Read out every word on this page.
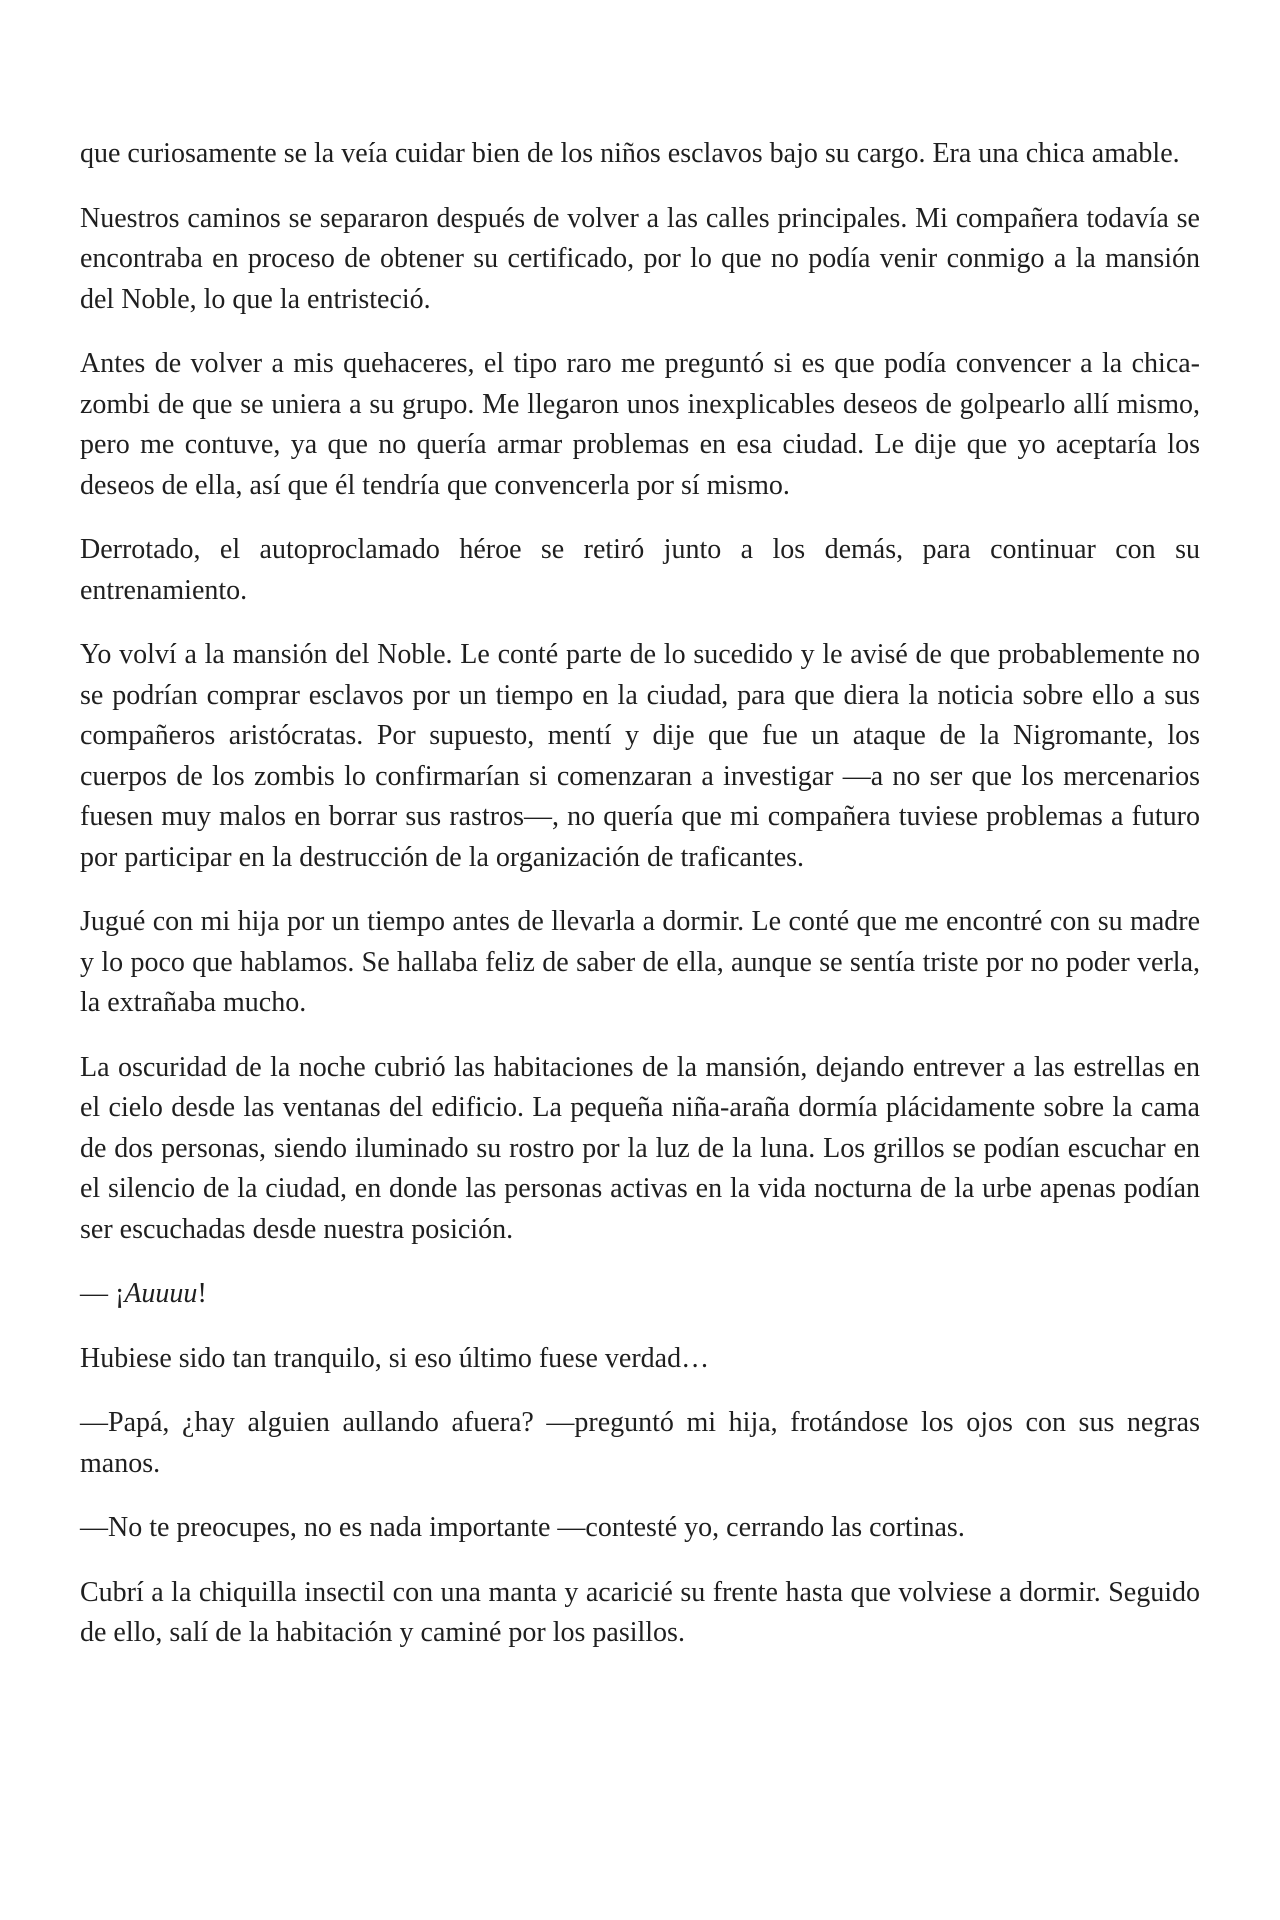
que curiosamente se la veía cuidar bien de los niños esclavos bajo su cargo. Era una chica amable.

Nuestros caminos se separaron después de volver a las calles principales. Mi compañera todavía se encontraba en proceso de obtener su certificado, por lo que no podía venir conmigo a la mansión del Noble, lo que la entristeció.

Antes de volver a mis quehaceres, el tipo raro me preguntó si es que podía convencer a la chica-zombi de que se uniera a su grupo. Me llegaron unos inexplicables deseos de golpearlo allí mismo, pero me contuve, ya que no quería armar problemas en esa ciudad. Le dije que yo aceptaría los deseos de ella, así que él tendría que convencerla por sí mismo.

Derrotado, el autoproclamado héroe se retiró junto a los demás, para continuar con su entrenamiento.

Yo volví a la mansión del Noble. Le conté parte de lo sucedido y le avisé de que probablemente no se podrían comprar esclavos por un tiempo en la ciudad, para que diera la noticia sobre ello a sus compañeros aristócratas. Por supuesto, mentí y dije que fue un ataque de la Nigromante, los cuerpos de los zombis lo confirmarían si comenzaran a investigar —a no ser que los mercenarios fuesen muy malos en borrar sus rastros—, no quería que mi compañera tuviese problemas a futuro por participar en la destrucción de la organización de traficantes.

Jugué con mi hija por un tiempo antes de llevarla a dormir. Le conté que me encontré con su madre y lo poco que hablamos. Se hallaba feliz de saber de ella, aunque se sentía triste por no poder verla, la extrañaba mucho.

La oscuridad de la noche cubrió las habitaciones de la mansión, dejando entrever a las estrellas en el cielo desde las ventanas del edificio. La pequeña niña-araña dormía plácidamente sobre la cama de dos personas, siendo iluminado su rostro por la luz de la luna. Los grillos se podían escuchar en el silencio de la ciudad, en donde las personas activas en la vida nocturna de la urbe apenas podían ser escuchadas desde nuestra posición.

— ¡Auuuu!

Hubiese sido tan tranquilo, si eso último fuese verdad…

—Papá, ¿hay alguien aullando afuera? —preguntó mi hija, frotándose los ojos con sus negras manos.

—No te preocupes, no es nada importante —contesté yo, cerrando las cortinas.

Cubrí a la chiquilla insectil con una manta y acaricié su frente hasta que volviese a dormir. Seguido de ello, salí de la habitación y caminé por los pasillos.
